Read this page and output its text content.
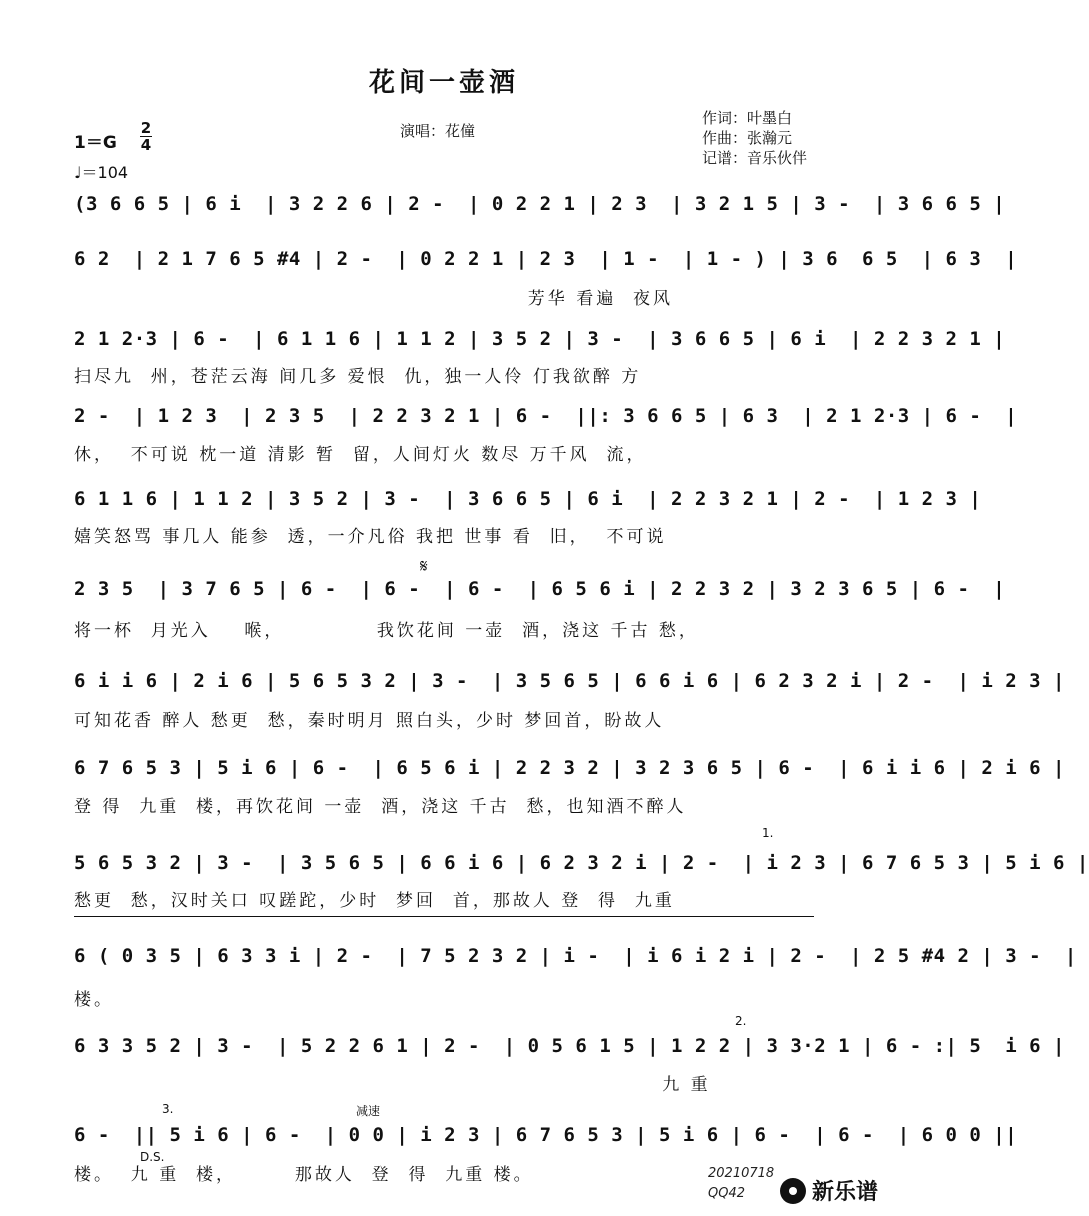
花间一壶酒
1＝G
2
4
♩＝104
演唱：花僮
作词：叶墨白
作曲：张瀚元
记谱：音乐伙伴
(3 6 6 5 | 6 i  | 3 2 2 6 | 2 -  | 0 2 2 1 | 2 3  | 3 2 1 5 | 3 -  | 3 6 6 5 |
6 2  | 2 1 7 6 5 #4 | 2 -  | 0 2 2 1 | 2 3  | 1 -  | 1 - ) | 3 6  6 5  | 6 3  |
芳华 看遍  夜风
2 1 2·3 | 6 -  | 6 1 1 6 | 1 1 2 | 3 5 2 | 3 -  | 3 6 6 5 | 6 i  | 2 2 3 2 1 |
扫尽九  州，苍茫云海 间几多 爱恨  仇，独一人伶 仃我欲醉 方
2 -  | 1 2 3  | 2 3 5  | 2 2 3 2 1 | 6 -  ||: 3 6 6 5 | 6 3  | 2 1 2·3 | 6 -  |
休，  不可说 枕一道 清影 暂  留，人间灯火 数尽 万千风  流，
6 1 1 6 | 1 1 2 | 3 5 2 | 3 -  | 3 6 6 5 | 6 i  | 2 2 3 2 1 | 2 -  | 1 2 3 |
嬉笑怒骂 事几人 能参  透，一介凡俗 我把 世事 看  旧，  不可说
𝄋
2 3 5  | 3 7 6 5 | 6 -  | 6 -  | 6 -  | 6 5 6 i | 2 2 3 2 | 3 2 3 6 5 | 6 -  |
将一杯  月光入    喉，           我饮花间 一壶  酒，浇这 千古 愁，
6 i i 6 | 2 i 6 | 5 6 5 3 2 | 3 -  | 3 5 6 5 | 6 6 i 6 | 6 2 3 2 i | 2 -  | i 2 3 |
可知花香 醉人 愁更  愁，秦时明月 照白头，少时 梦回首，盼故人
6 7 6 5 3 | 5 i 6 | 6 -  | 6 5 6 i | 2 2 3 2 | 3 2 3 6 5 | 6 -  | 6 i i 6 | 2 i 6 |
登 得  九重  楼，再饮花间 一壶  酒，浇这 千古  愁，也知酒不醉人
1.
5 6 5 3 2 | 3 -  | 3 5 6 5 | 6 6 i 6 | 6 2 3 2 i | 2 -  | i 2 3 | 6 7 6 5 3 | 5 i 6 |
愁更  愁，汉时关口 叹蹉跎，少时  梦回  首，那故人 登  得  九重
6 ( 0 3 5 | 6 3 3 i | 2 -  | 7 5 2 3 2 | i -  | i 6 i 2 i | 2 -  | 2 5 #4 2 | 3 -  |
楼。
2.
6 3 3 5 2 | 3 -  | 5 2 2 6 1 | 2 -  | 0 5 6 1 5 | 1 2 2 | 3 3·2 1 | 6 - :| 5  i 6 |
九 重
3.	减速
6 -  || 5 i 6 | 6 -  | 0 0 | i 2 3 | 6 7 6 5 3 | 5 i 6 | 6 -  | 6 -  | 6 0 0 ||
D.S.
楼。  九 重  楼，       那故人  登  得  九重 楼。	20210718
QQ42	新乐谱
